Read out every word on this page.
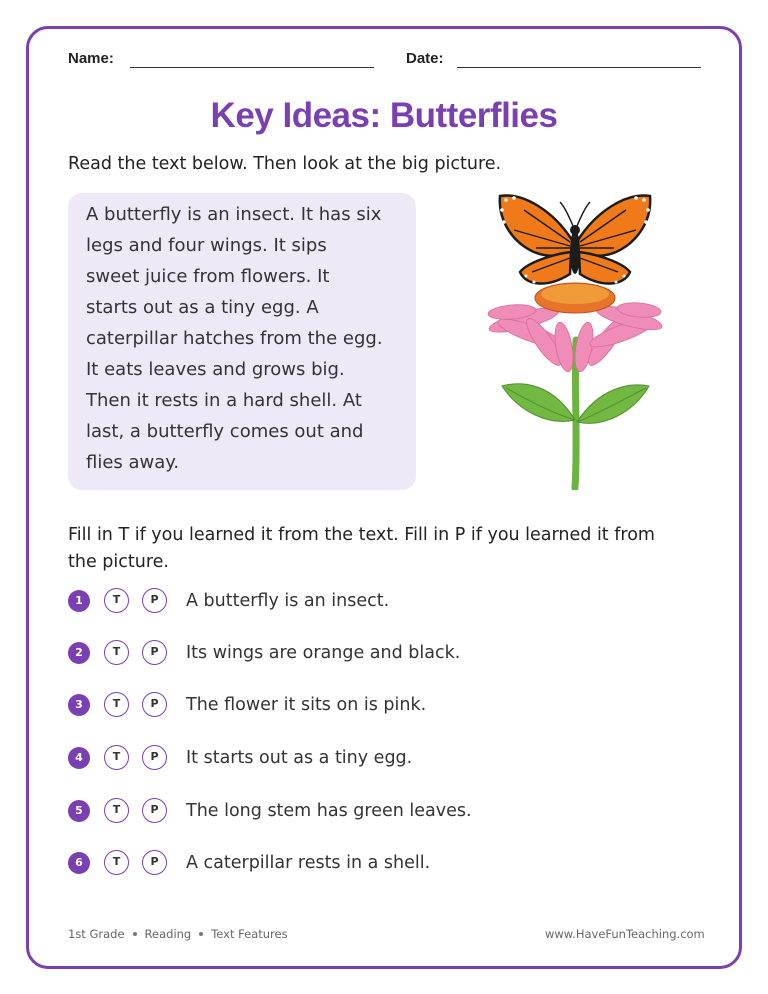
Name:	Date:
Key Ideas: Butterflies

Read the text below. Then look at the big picture.

A butterfly is an insect. It has six
legs and four wings. It sips
sweet juice from flowers. It
starts out as a tiny egg. A
caterpillar hatches from the egg.
It eats leaves and grows big.
Then it rests in a hard shell. At
last, a butterfly comes out and
flies away.
Fill in T if you learned it from the text. Fill in P if you learned it from
the picture.
1	T	P	A butterfly is an insect.
2	T	P	Its wings are orange and black.
3	T	P	The flower it sits on is pink.
4	T	P	It starts out as a tiny egg.
5	T	P	The long stem has green leaves.
6	T	P	A caterpillar rests in a shell.
1st Grade Reading Text Features	www.HaveFunTeaching.com
